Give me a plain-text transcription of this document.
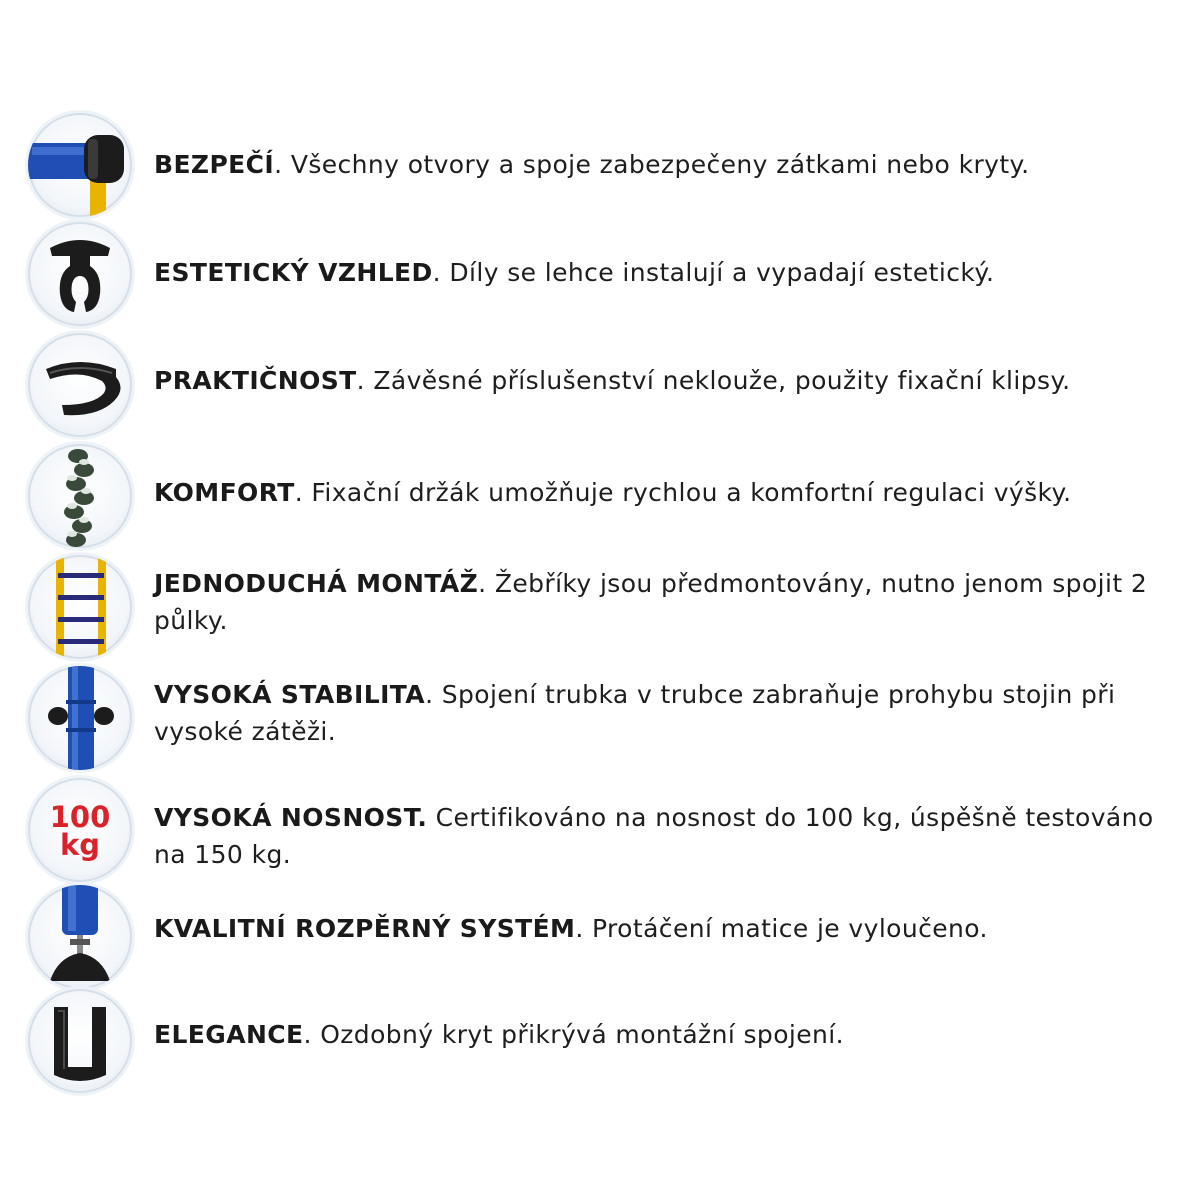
BEZPEČÍ. Všechny otvory a spoje zabezpečeny zátkami nebo kryty.
ESTETICKÝ VZHLED. Díly se lehce instalují a vypadají estetický.
PRAKTIČNOST. Závěsné příslušenství neklouže, použity fixační klipsy.
KOMFORT. Fixační držák umožňuje rychlou a komfortní regulaci výšky.
JEDNODUCHÁ MONTÁŽ. Žebříky jsou předmontovány, nutno jenom spojit 2 půlky.
VYSOKÁ STABILITA. Spojení trubka v trubce zabraňuje prohybu stojin při vysoké zátěži.
100
kg
VYSOKÁ NOSNOST. Certifikováno na nosnost do 100 kg, úspěšně testováno na 150 kg.
KVALITNÍ ROZPĚRNÝ SYSTÉM. Protáčení matice je vyloučeno.
ELEGANCE. Ozdobný kryt přikrývá montážní spojení.
